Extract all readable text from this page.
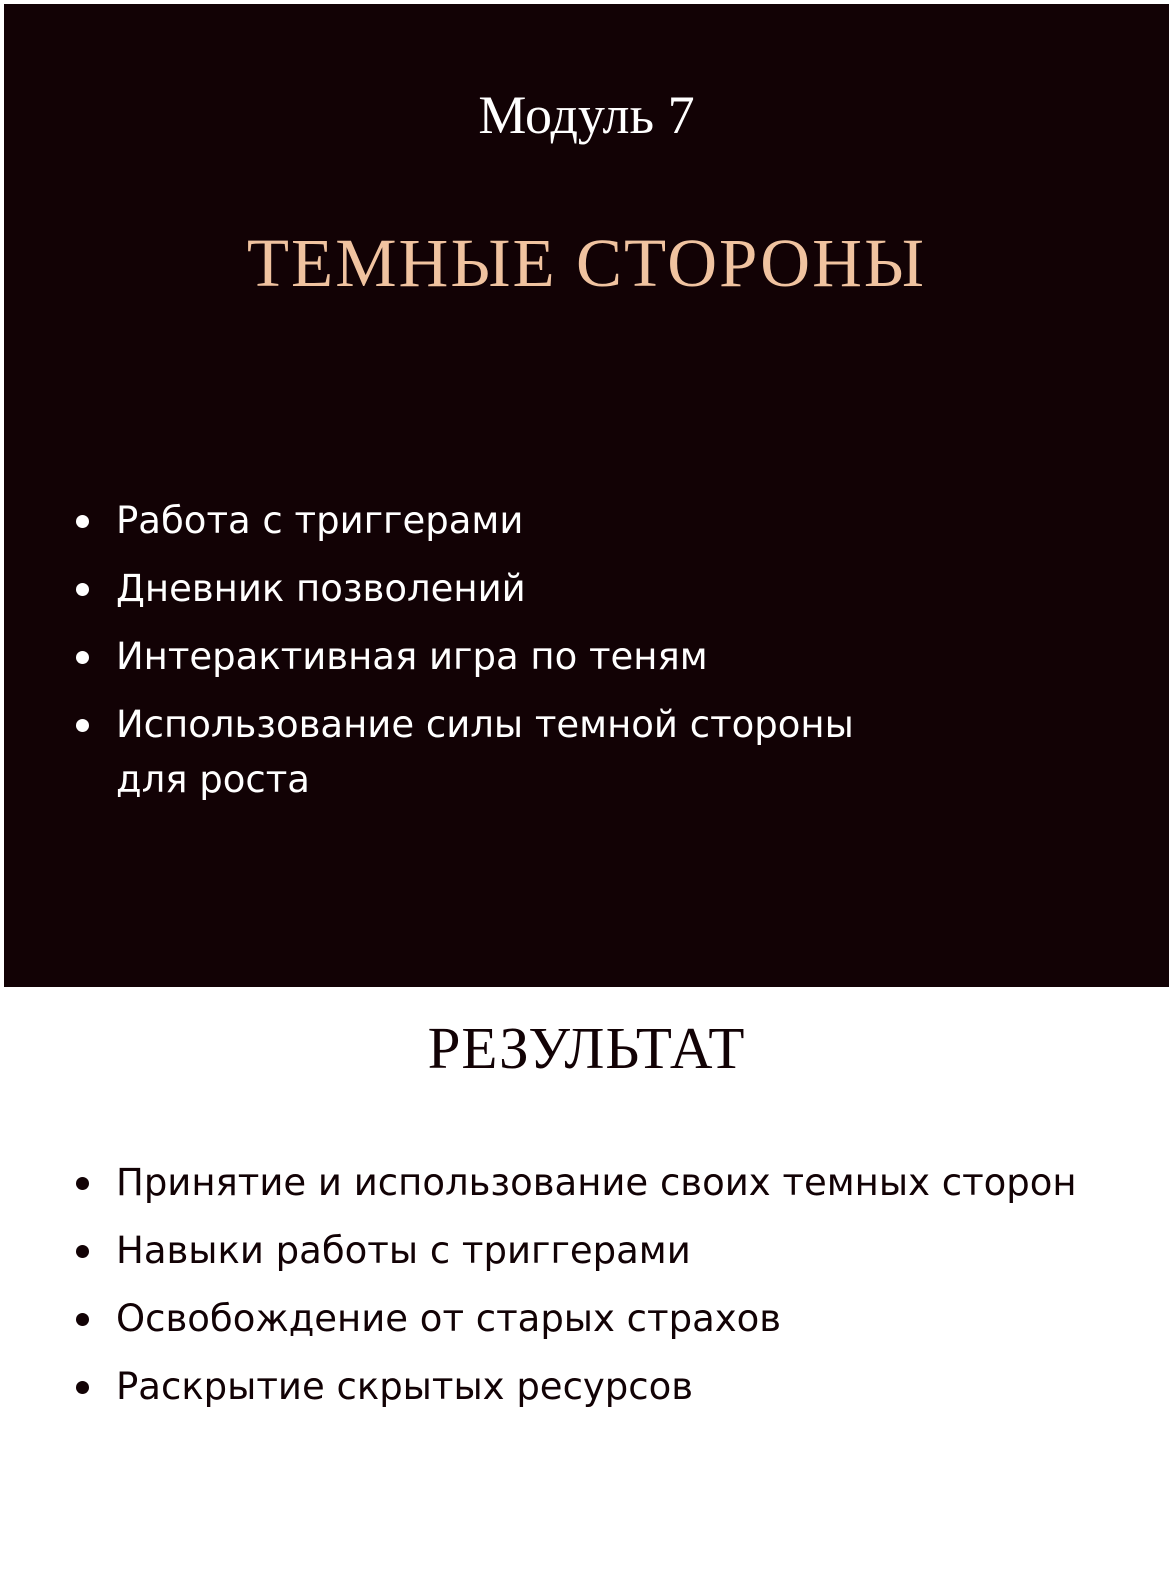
Модуль 7
ТЕМНЫЕ СТОРОНЫ
Работа с триггерами
Дневник позволений
Интерактивная игра по теням
Использование силы темной стороны для роста
РЕЗУЛЬТАТ
Принятие и использование своих темных сторон
Навыки работы с триггерами
Освобождение от старых страхов
Раскрытие скрытых ресурсов
